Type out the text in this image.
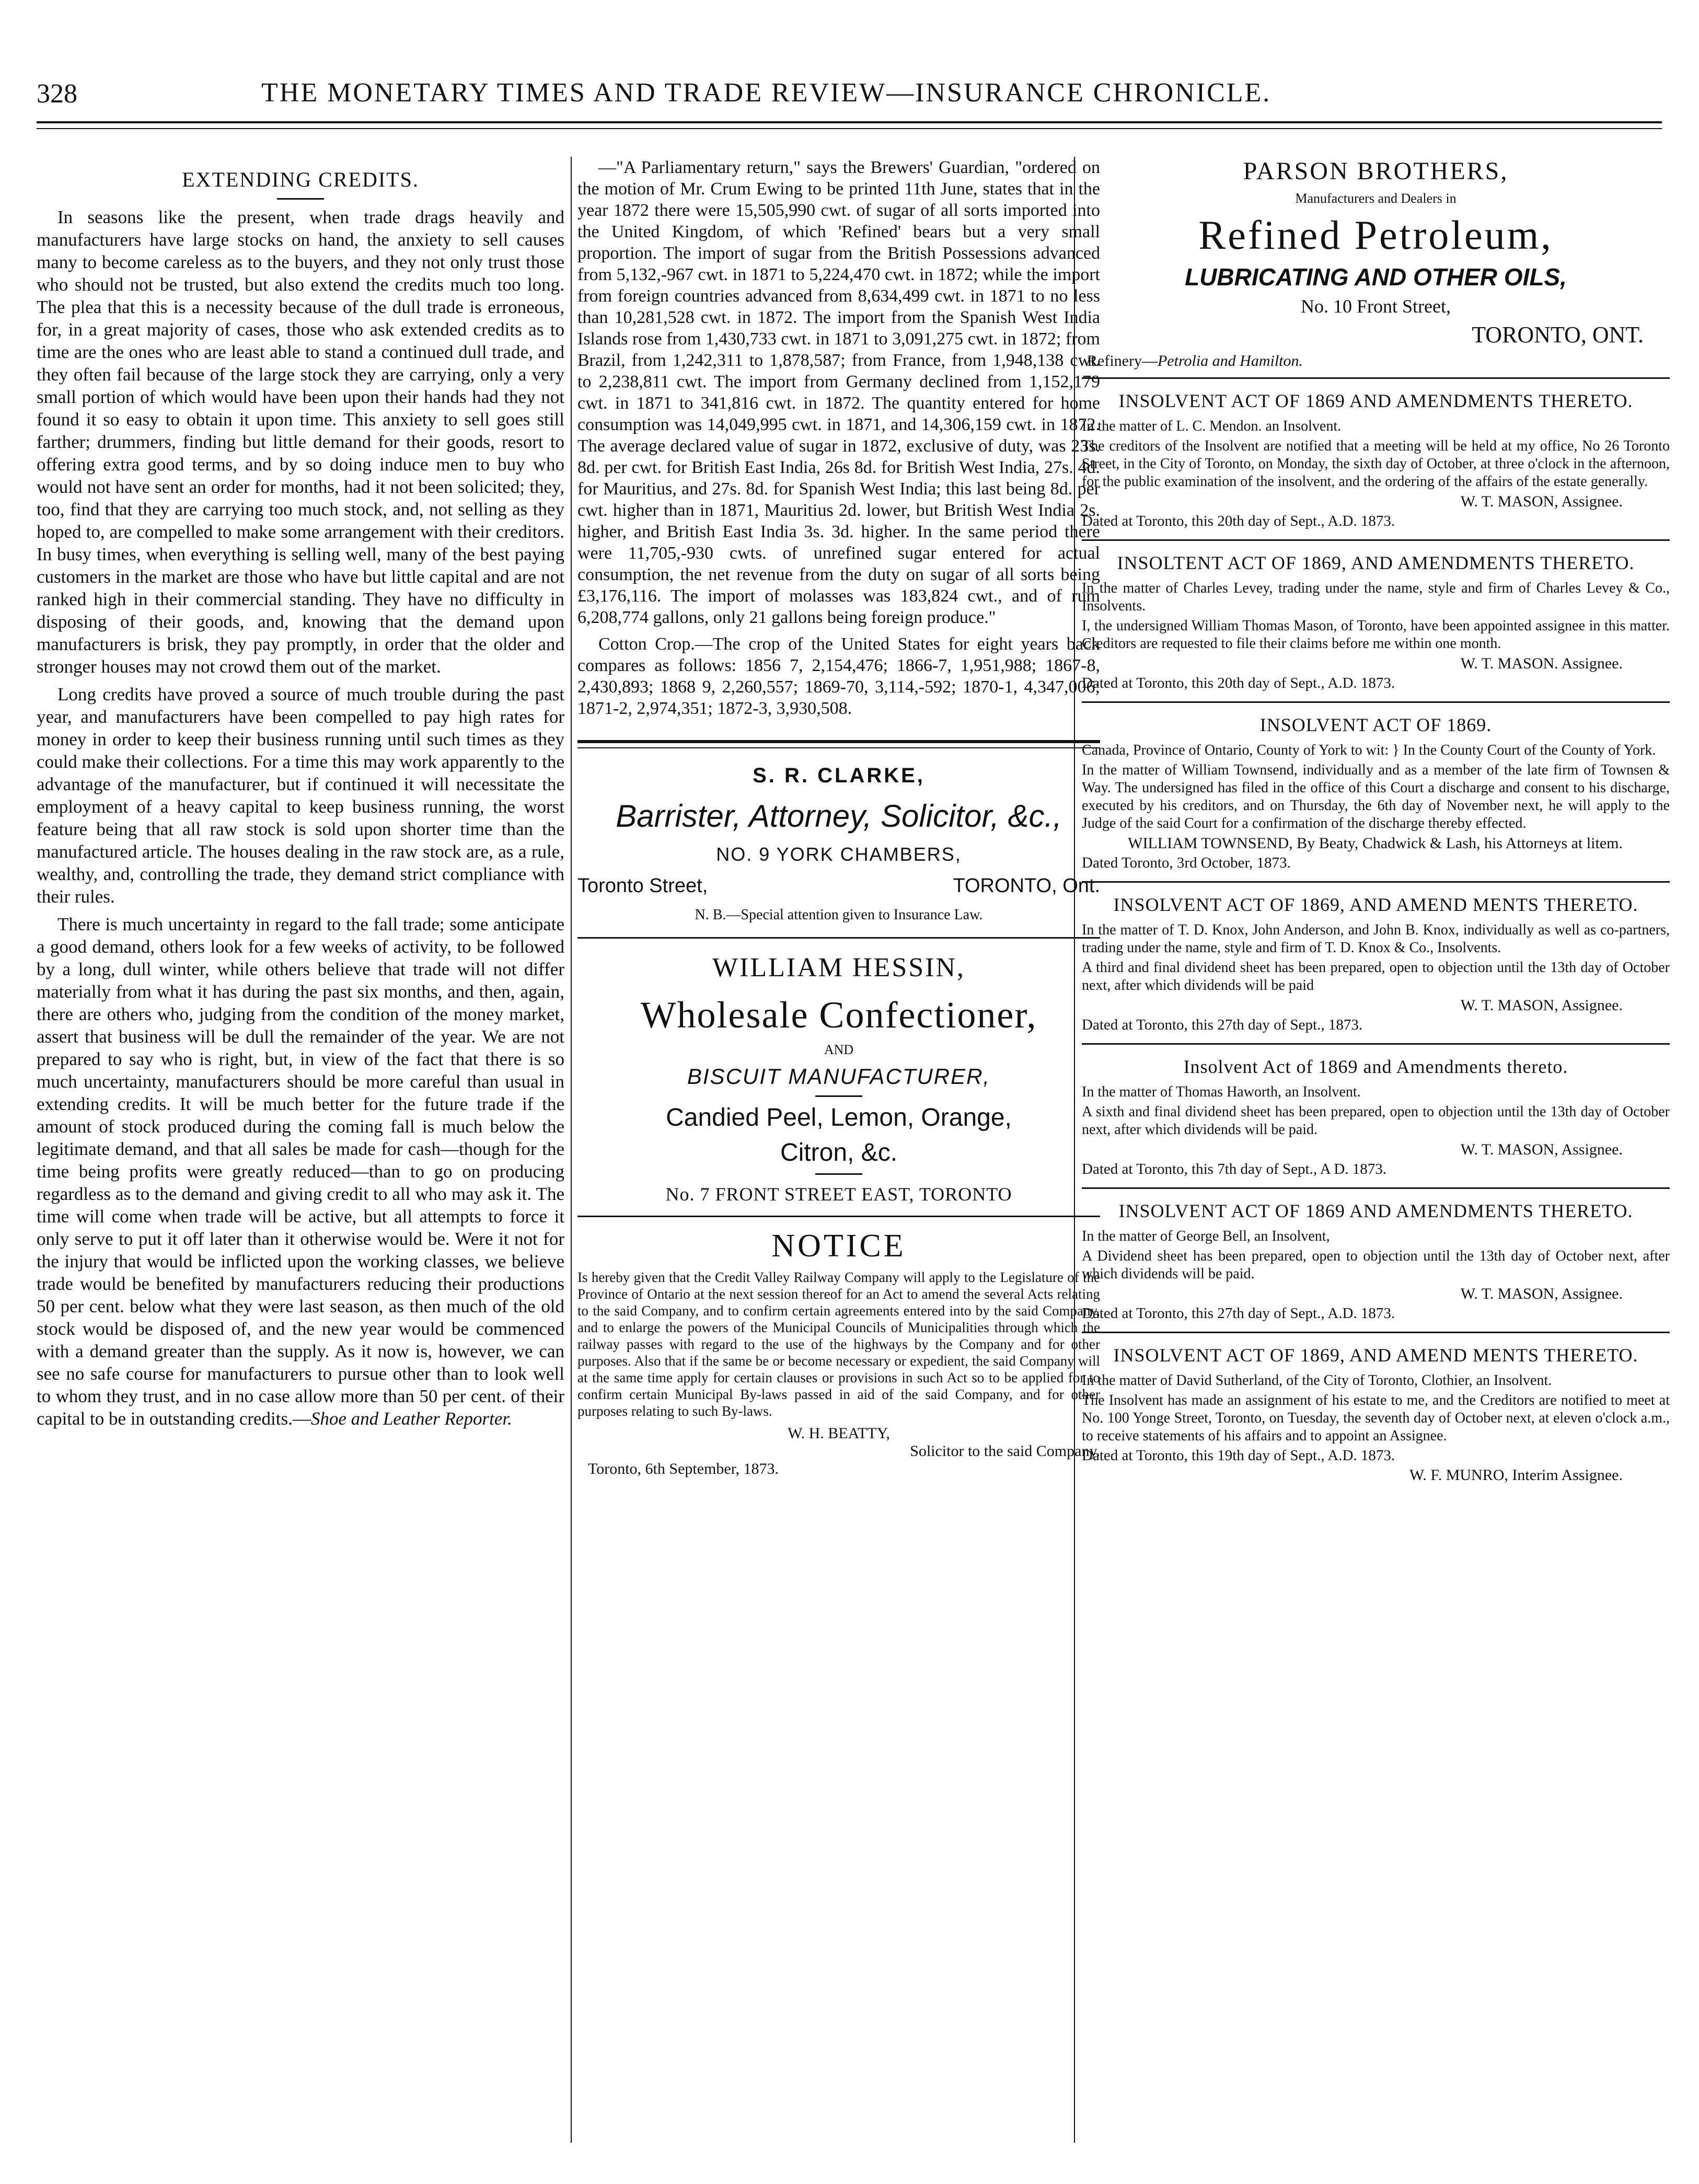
328	THE MONETARY TIMES AND TRADE REVIEW—INSURANCE CHRONICLE.
EXTENDING CREDITS.

In seasons like the present, when trade drags heavily and manufacturers have large stocks on hand, the anxiety to sell causes many to become careless as to the buyers, and they not only trust those who should not be trusted, but also extend the credits much too long. The plea that this is a necessity because of the dull trade is erroneous, for, in a great majority of cases, those who ask extended credits as to time are the ones who are least able to stand a continued dull trade, and they often fail because of the large stock they are carrying, only a very small portion of which would have been upon their hands had they not found it so easy to obtain it upon time. This anxiety to sell goes still farther; drummers, finding but little demand for their goods, resort to offering extra good terms, and by so doing induce men to buy who would not have sent an order for months, had it not been solicited; they, too, find that they are carrying too much stock, and, not selling as they hoped to, are compelled to make some arrangement with their creditors. In busy times, when everything is selling well, many of the best paying customers in the market are those who have but little capital and are not ranked high in their commercial standing. They have no difficulty in disposing of their goods, and, knowing that the demand upon manufacturers is brisk, they pay promptly, in order that the older and stronger houses may not crowd them out of the market.

Long credits have proved a source of much trouble during the past year, and manufacturers have been compelled to pay high rates for money in order to keep their business running until such times as they could make their collections. For a time this may work apparently to the advantage of the manufacturer, but if continued it will necessitate the employment of a heavy capital to keep business running, the worst feature being that all raw stock is sold upon shorter time than the manufactured article. The houses dealing in the raw stock are, as a rule, wealthy, and, controlling the trade, they demand strict compliance with their rules.

There is much uncertainty in regard to the fall trade; some anticipate a good demand, others look for a few weeks of activity, to be followed by a long, dull winter, while others believe that trade will not differ materially from what it has during the past six months, and then, again, there are others who, judging from the condition of the money market, assert that business will be dull the remainder of the year. We are not prepared to say who is right, but, in view of the fact that there is so much uncertainty, manufacturers should be more careful than usual in extending credits. It will be much better for the future trade if the amount of stock produced during the coming fall is much below the legitimate demand, and that all sales be made for cash—though for the time being profits were greatly reduced—than to go on producing regardless as to the demand and giving credit to all who may ask it. The time will come when trade will be active, but all attempts to force it only serve to put it off later than it otherwise would be. Were it not for the injury that would be inflicted upon the working classes, we believe trade would be benefited by manufacturers reducing their productions 50 per cent. below what they were last season, as then much of the old stock would be disposed of, and the new year would be commenced with a demand greater than the supply. As it now is, however, we can see no safe course for manufacturers to pursue other than to look well to whom they trust, and in no case allow more than 50 per cent. of their capital to be in outstanding credits.—Shoe and Leather Reporter.

—"A Parliamentary return," says the Brewers' Guardian, "ordered on the motion of Mr. Crum Ewing to be printed 11th June, states that in the year 1872 there were 15,505,990 cwt. of sugar of all sorts imported into the United Kingdom, of which 'Refined' bears but a very small proportion. The import of sugar from the British Possessions advanced from 5,132,-967 cwt. in 1871 to 5,224,470 cwt. in 1872; while the import from foreign countries advanced from 8,634,499 cwt. in 1871 to no less than 10,281,528 cwt. in 1872. The import from the Spanish West India Islands rose from 1,430,733 cwt. in 1871 to 3,091,275 cwt. in 1872; from Brazil, from 1,242,311 to 1,878,587; from France, from 1,948,138 cwt. to 2,238,811 cwt. The import from Germany declined from 1,152,179 cwt. in 1871 to 341,816 cwt. in 1872. The quantity entered for home consumption was 14,049,995 cwt. in 1871, and 14,306,159 cwt. in 1872. The average declared value of sugar in 1872, exclusive of duty, was 23s. 8d. per cwt. for British East India, 26s 8d. for British West India, 27s. 4d. for Mauritius, and 27s. 8d. for Spanish West India; this last being 8d. per cwt. higher than in 1871, Mauritius 2d. lower, but British West India 2s. higher, and British East India 3s. 3d. higher. In the same period there were 11,705,-930 cwts. of unrefined sugar entered for actual consumption, the net revenue from the duty on sugar of all sorts being £3,176,116. The import of molasses was 183,824 cwt., and of rum 6,208,774 gallons, only 21 gallons being foreign produce."

Cotton Crop.—The crop of the United States for eight years back compares as follows: 1856 7, 2,154,476; 1866-7, 1,951,988; 1867-8, 2,430,893; 1868 9, 2,260,557; 1869-70, 3,114,-592; 1870-1, 4,347,006; 1871-2, 2,974,351; 1872-3, 3,930,508.

S. R. CLARKE,
Barrister, Attorney, Solicitor, &c.,
NO. 9 YORK CHAMBERS,
Toronto Street,	TORONTO, Ont.
N. B.—Special attention given to Insurance Law.
WILLIAM HESSIN,
Wholesale Confectioner,
AND
BISCUIT MANUFACTURER,
Candied Peel, Lemon, Orange,
Citron, &c.
No. 7 FRONT STREET EAST, TORONTO
NOTICE

Is hereby given that the Credit Valley Railway Company will apply to the Legislature of the Province of Ontario at the next session thereof for an Act to amend the several Acts relating to the said Company, and to confirm certain agreements entered into by the said Company, and to enlarge the powers of the Municipal Councils of Municipalities through which the railway passes with regard to the use of the highways by the Company and for other purposes. Also that if the same be or become necessary or expedient, the said Company will at the same time apply for certain clauses or provisions in such Act so to be applied for to confirm certain Municipal By-laws passed in aid of the said Company, and for other purposes relating to such By-laws.

W. H. BEATTY,
Solicitor to the said Company.
Toronto, 6th September, 1873.
PARSON BROTHERS,
Manufacturers and Dealers in
Refined Petroleum,
LUBRICATING AND OTHER OILS,
No. 10 Front Street,
TORONTO, ONT.
Refinery—Petrolia and Hamilton.
INSOLVENT ACT OF 1869 AND AMENDMENTS THERETO.
In the matter of L. C. Mendon. an Insolvent.
The creditors of the Insolvent are notified that a meeting will be held at my office, No 26 Toronto Street, in the City of Toronto, on Monday, the sixth day of October, at three o'clock in the afternoon, for the public examination of the insolvent, and the ordering of the affairs of the estate generally.
W. T. MASON, Assignee.
Dated at Toronto, this 20th day of Sept., A.D. 1873.
INSOLTENT ACT OF 1869, AND AMENDMENTS THERETO.
In the matter of Charles Levey, trading under the name, style and firm of Charles Levey & Co., Insolvents.
I, the undersigned William Thomas Mason, of Toronto, have been appointed assignee in this matter. Creditors are requested to file their claims before me within one month.
W. T. MASON. Assignee.
Dated at Toronto, this 20th day of Sept., A.D. 1873.
INSOLVENT ACT OF 1869.
Canada, Province of Ontario, County of York to wit: } In the County Court of the County of York.
In the matter of William Townsend, individually and as a member of the late firm of Townsen & Way. The undersigned has filed in the office of this Court a discharge and consent to his discharge, executed by his creditors, and on Thursday, the 6th day of November next, he will apply to the Judge of the said Court for a confirmation of the discharge thereby effected.
WILLIAM TOWNSEND, By Beaty, Chadwick & Lash, his Attorneys at litem.
Dated Toronto, 3rd October, 1873.
INSOLVENT ACT OF 1869, AND AMEND MENTS THERETO.
In the matter of T. D. Knox, John Anderson, and John B. Knox, individually as well as co-partners, trading under the name, style and firm of T. D. Knox & Co., Insolvents.
A third and final dividend sheet has been prepared, open to objection until the 13th day of October next, after which dividends will be paid
W. T. MASON, Assignee.
Dated at Toronto, this 27th day of Sept., 1873.
Insolvent Act of 1869 and Amendments thereto.
In the matter of Thomas Haworth, an Insolvent.
A sixth and final dividend sheet has been prepared, open to objection until the 13th day of October next, after which dividends will be paid.
W. T. MASON, Assignee.
Dated at Toronto, this 7th day of Sept., A D. 1873.
INSOLVENT ACT OF 1869 AND AMENDMENTS THERETO.
In the matter of George Bell, an Insolvent,
A Dividend sheet has been prepared, open to objection until the 13th day of October next, after which dividends will be paid.
W. T. MASON, Assignee.
Dated at Toronto, this 27th day of Sept., A.D. 1873.
INSOLVENT ACT OF 1869, AND AMEND MENTS THERETO.
In the matter of David Sutherland, of the City of Toronto, Clothier, an Insolvent.
The Insolvent has made an assignment of his estate to me, and the Creditors are notified to meet at No. 100 Yonge Street, Toronto, on Tuesday, the seventh day of October next, at eleven o'clock a.m., to receive statements of his affairs and to appoint an Assignee.
Dated at Toronto, this 19th day of Sept., A.D. 1873.
W. F. MUNRO, Interim Assignee.
